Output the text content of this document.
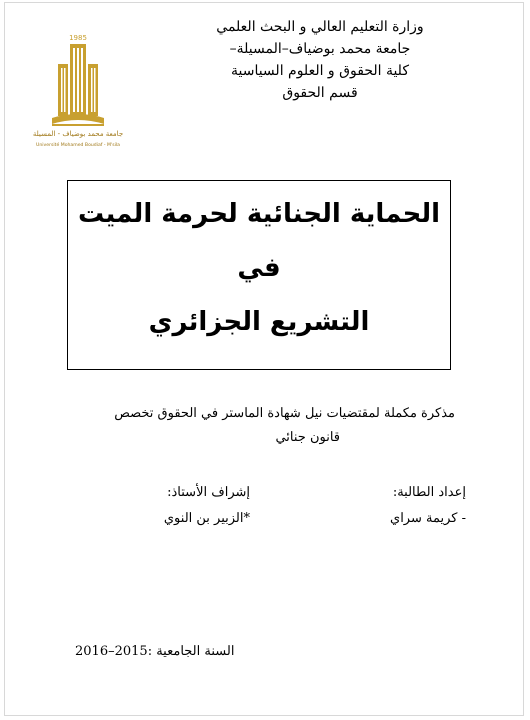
وزارة التعليم العالي و البحث العلمي
جامعة محمد بوضياف–المسيلة–
كلية الحقوق و العلوم السياسية
قسم الحقوق
1985
جامعة محمد بوضياف - المسيلة
Université Mohamed Boudiaf - M'sila
الحماية الجنائية لحرمة الميت
في
التشريع الجزائري
مذكرة مكملة لمقتضيات نيل شهادة الماستر في الحقوق تخصص
قانون جنائي
إعداد الطالبة:
- كريمة سراي
إشراف الأستاذ:
*الزبير بن النوي
السنة الجامعية :2015–2016
